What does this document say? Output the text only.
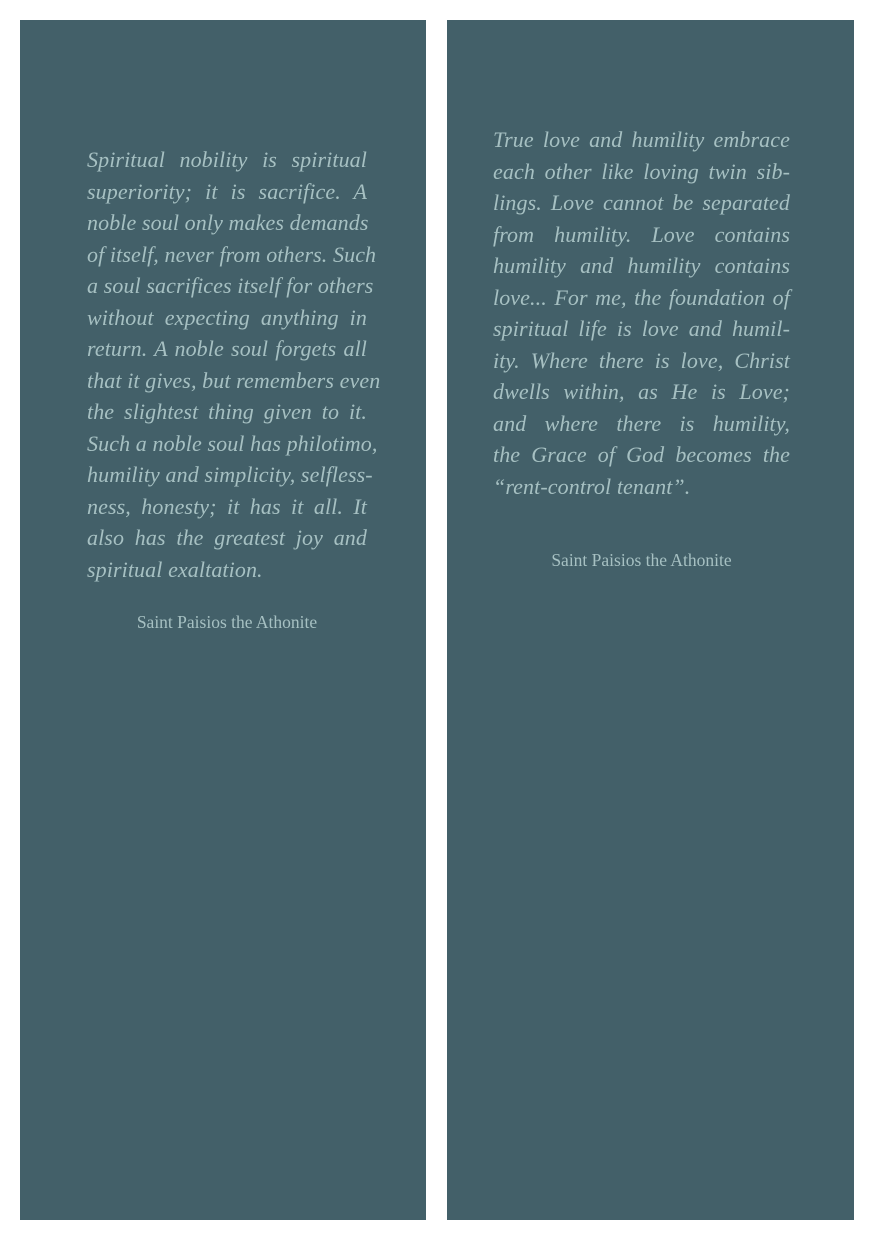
Spiritual nobility is spiritual
superiority; it is sacrifice. A
noble soul only makes demands
of itself, never from others. Such
a soul sacrifices itself for others
without expecting anything in
return. A noble soul forgets all
that it gives, but remembers even
the slightest thing given to it.
Such a noble soul has philotimo,
humility and simplicity, selfless-
ness, honesty; it has it all. It
also has the greatest joy and
spiritual exaltation.
Saint Paisios the Athonite
True love and humility embrace
each other like loving twin sib-
lings. Love cannot be separated
from humility. Love contains
humility and humility contains
love... For me, the foundation of
spiritual life is love and humil-
ity. Where there is love, Christ
dwells within, as He is Love;
and where there is humility,
the Grace of God becomes the
“rent-control tenant”.
Saint Paisios the Athonite
